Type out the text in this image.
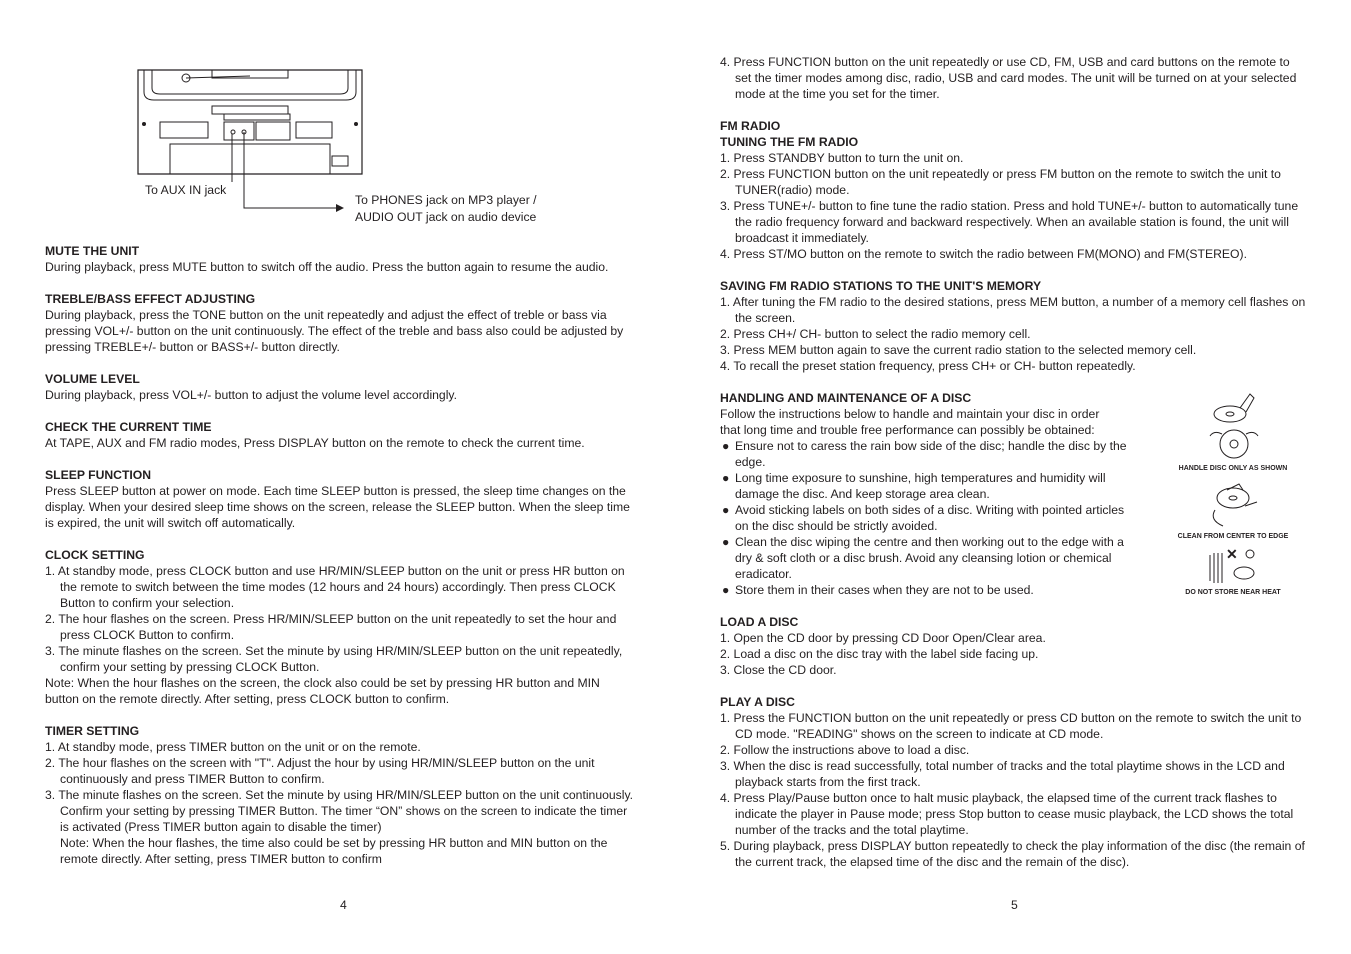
To AUX IN jack
To PHONES jack on MP3 player /
AUDIO OUT jack on audio device

MUTE THE UNIT

During playback, press MUTE button to switch off the audio. Press the button again to resume the audio.

TREBLE/BASS EFFECT ADJUSTING

During playback, press the TONE button on the unit repeatedly and adjust the effect of treble or bass via pressing VOL+/- button on the unit continuously. The effect of the treble and bass also could be adjusted by pressing TREBLE+/- button or BASS+/- button directly.

VOLUME LEVEL

During playback, press VOL+/- button to adjust the volume level accordingly.

CHECK THE CURRENT TIME

At TAPE, AUX and FM radio modes, Press DISPLAY button on the remote to check the current time.

SLEEP FUNCTION

Press SLEEP button at power on mode. Each time SLEEP button is pressed, the sleep time changes on the display. When your desired sleep time shows on the screen, release the SLEEP button. When the sleep time is expired, the unit will switch off automatically.

CLOCK SETTING

1. At standby mode, press CLOCK button and use HR/MIN/SLEEP button on the unit or press HR button on the remote to switch between the time modes (12 hours and 24 hours) accordingly. Then press CLOCK Button to confirm your selection.

2. The hour flashes on the screen. Press HR/MIN/SLEEP button on the unit repeatedly to set the hour and press CLOCK Button to confirm.

3. The minute flashes on the screen. Set the minute by using HR/MIN/SLEEP button on the unit repeatedly, confirm your setting by pressing CLOCK Button.

Note: When the hour flashes on the screen, the clock also could be set by pressing HR button and MIN button on the remote directly. After setting, press CLOCK button to confirm.

TIMER SETTING

1. At standby mode, press TIMER button on the unit or on the remote.

2. The hour flashes on the screen with "T". Adjust the hour by using HR/MIN/SLEEP button on the unit continuously and press TIMER Button to confirm.

3. The minute flashes on the screen. Set the minute by using HR/MIN/SLEEP button on the unit continuously. Confirm your setting by pressing TIMER Button. The timer “ON” shows on the screen to indicate the timer is activated (Press TIMER button again to disable the timer)

Note: When the hour flashes, the time also could be set by pressing HR button and MIN button on the remote directly. After setting, press TIMER button to confirm

4

4. Press FUNCTION button on the unit repeatedly or use CD, FM, USB and card buttons on the remote to set the timer modes among disc, radio, USB and card modes. The unit will be turned on at your selected mode at the time you set for the timer.

FM RADIO

TUNING THE FM RADIO

1. Press STANDBY button to turn the unit on.

2. Press FUNCTION button on the unit repeatedly or press FM button on the remote to switch the unit to TUNER(radio) mode.

3. Press TUNE+/- button to fine tune the radio station. Press and hold TUNE+/- button to automatically tune the radio frequency forward and backward respectively. When an available station is found, the unit will broadcast it immediately.

4. Press ST/MO button on the remote to switch the radio between FM(MONO) and FM(STEREO).

SAVING FM RADIO STATIONS TO THE UNIT'S MEMORY

1. After tuning the FM radio to the desired stations, press MEM button, a number of a memory cell flashes on the screen.

2. Press CH+/ CH- button to select the radio memory cell.

3. Press MEM button again to save the current radio station to the selected memory cell.

4. To recall the preset station frequency, press CH+ or CH- button repeatedly.

HANDLING AND MAINTENANCE OF A DISC

Follow the instructions below to handle and maintain your disc in order

that long time and trouble free performance can possibly be obtained:

● Ensure not to caress the rain bow side of the disc; handle the disc by the edge.

● Long time exposure to sunshine, high temperatures and humidity will damage the disc. And keep storage area clean.

● Avoid sticking labels on both sides of a disc. Writing with pointed articles on the disc should be strictly avoided.

● Clean the disc wiping the centre and then working out to the edge with a dry & soft cloth or a disc brush. Avoid any cleansing lotion or chemical eradicator.

● Store them in their cases when they are not to be used.

LOAD A DISC

1. Open the CD door by pressing CD Door Open/Clear area.

2. Load a disc on the disc tray with the label side facing up.

3. Close the CD door.

PLAY A DISC

1. Press the FUNCTION button on the unit repeatedly or press CD button on the remote to switch the unit to CD mode. "READING" shows on the screen to indicate at CD mode.

2. Follow the instructions above to load a disc.

3. When the disc is read successfully, total number of tracks and the total playtime shows in the LCD and playback starts from the first track.

4. Press Play/Pause button once to halt music playback, the elapsed time of the current track flashes to indicate the player in Pause mode; press Stop button to cease music playback, the LCD shows the total number of the tracks and the total playtime.

5. During playback, press DISPLAY button repeatedly to check the play information of the disc (the remain of the current track, the elapsed time of the disc and the remain of the disc).

HANDLE DISC ONLY AS SHOWN
CLEAN FROM CENTER TO EDGE
✕
DO NOT STORE NEAR HEAT
5
